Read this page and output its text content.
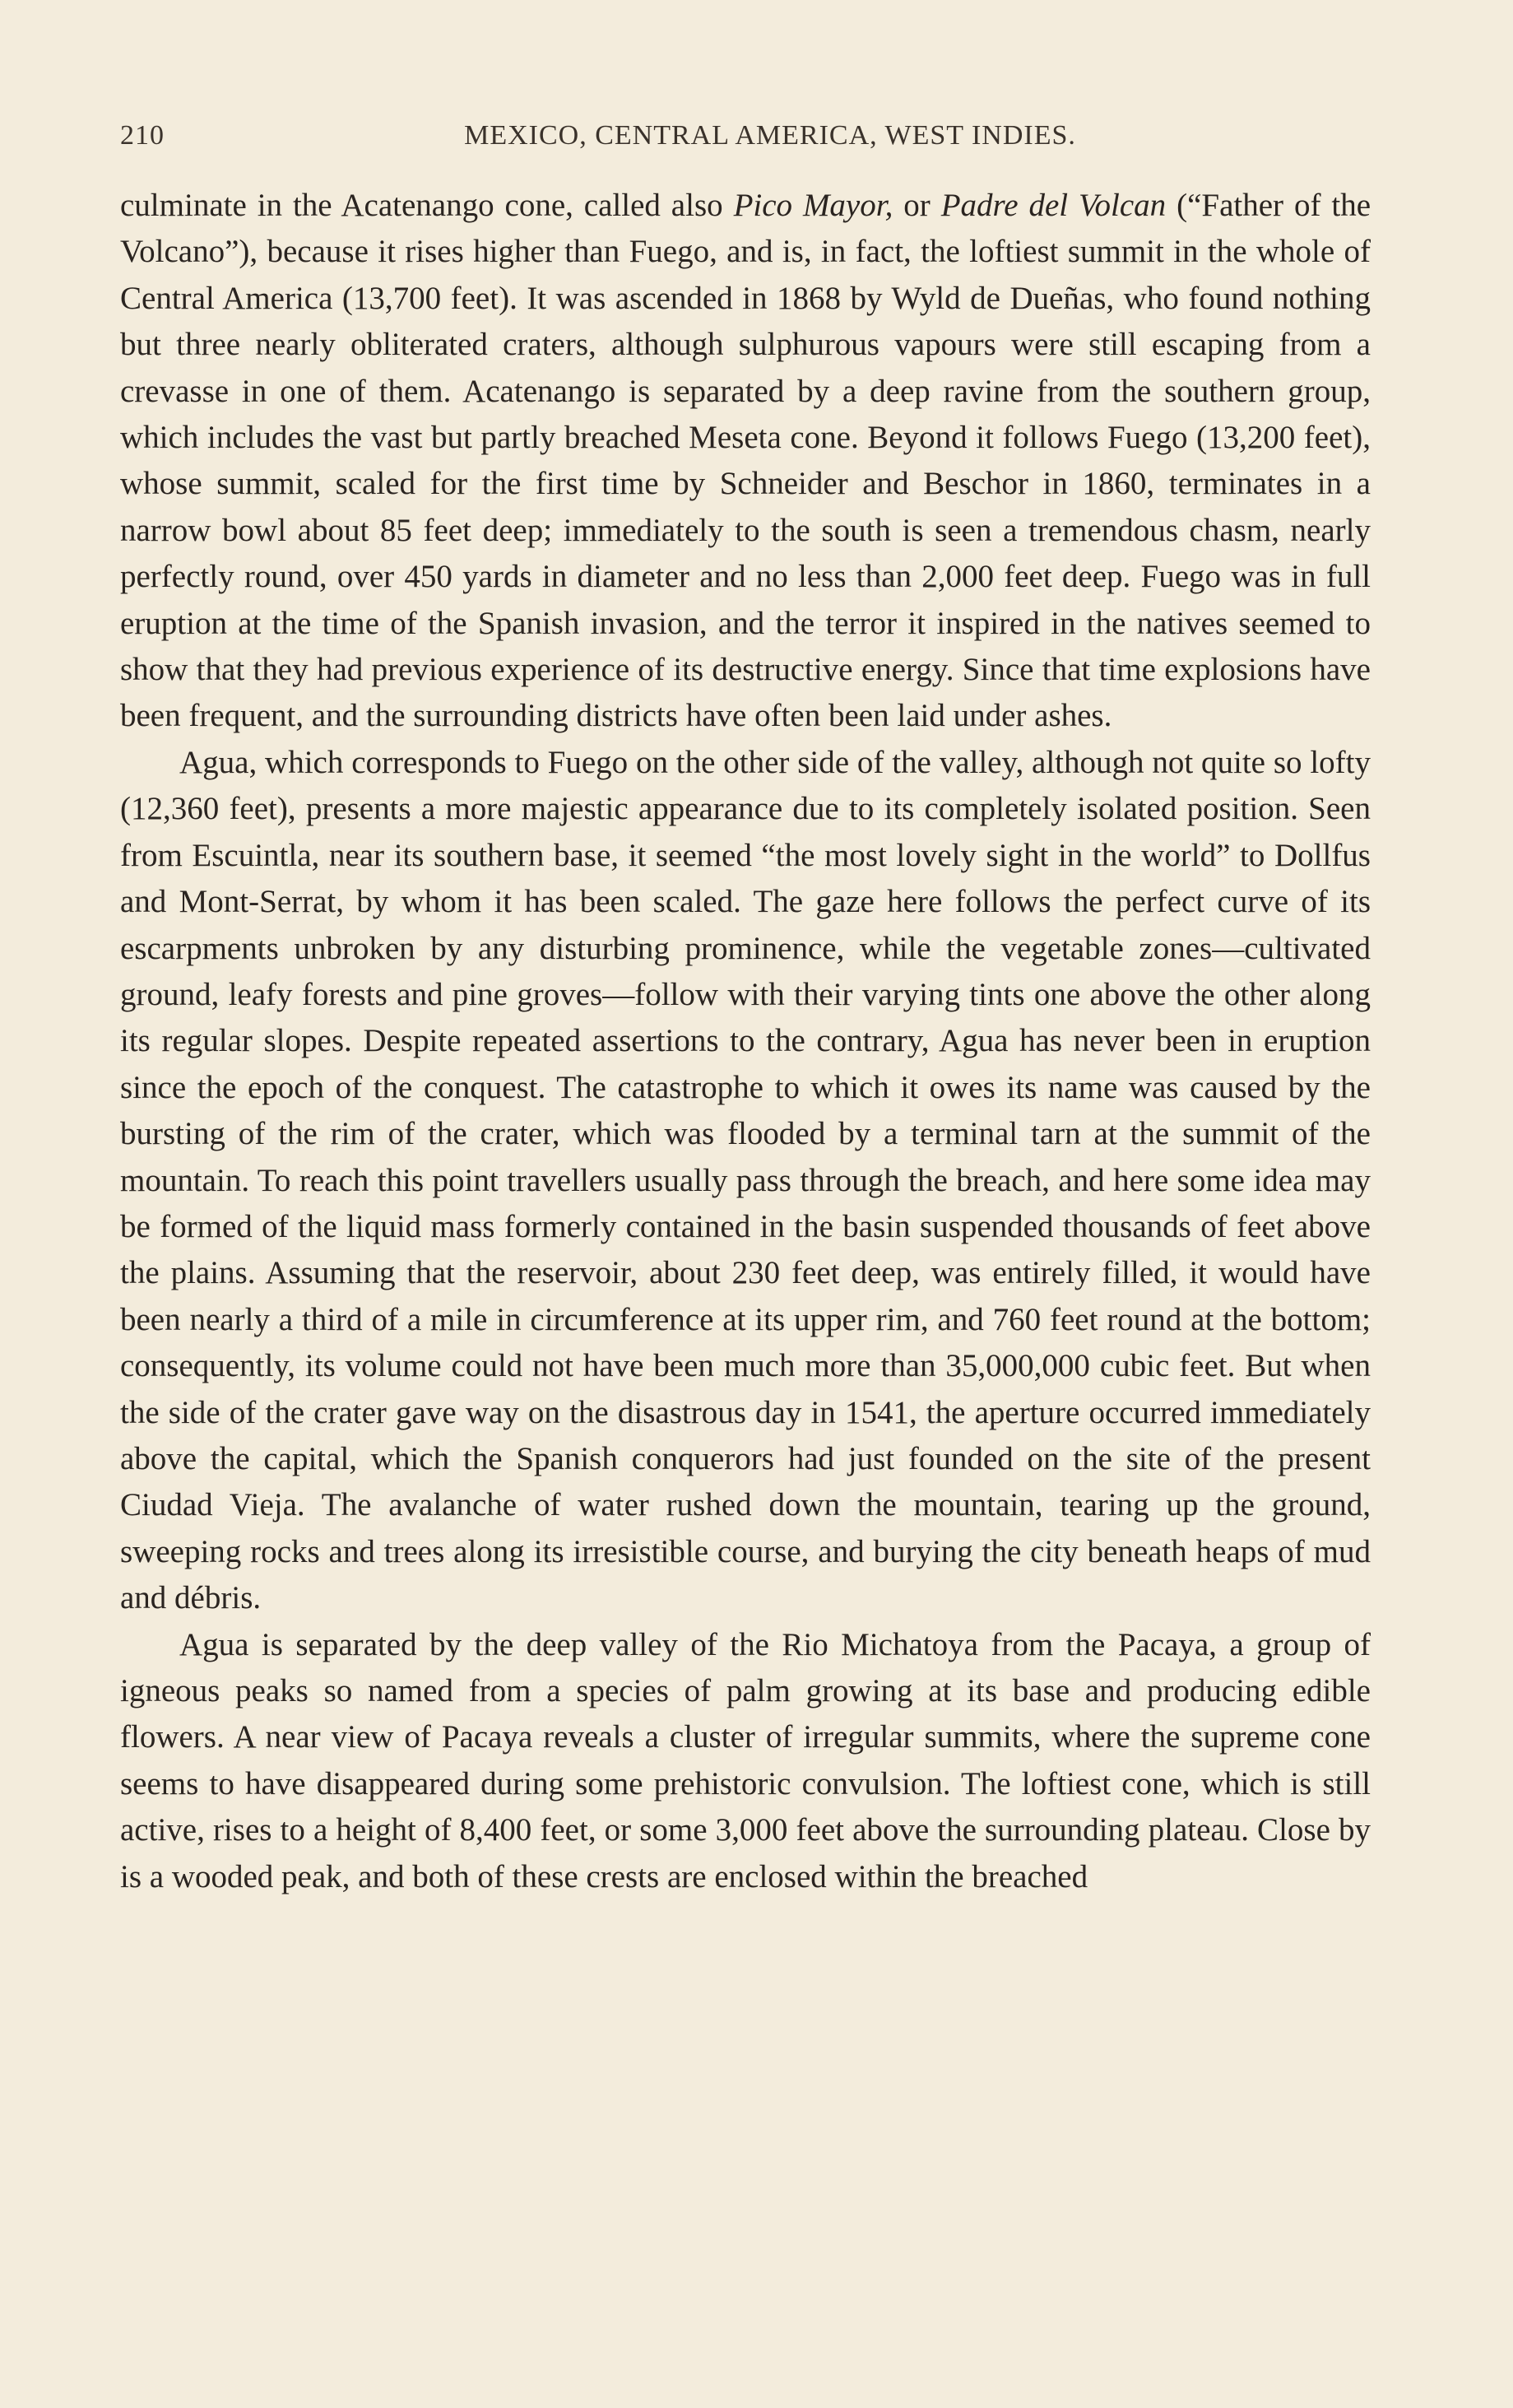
210	MEXICO, CENTRAL AMERICA, WEST INDIES.

culminate in the Acatenango cone, called also Pico Mayor, or Padre del Volcan (“Father of the Volcano”), because it rises higher than Fuego, and is, in fact, the loftiest summit in the whole of Central America (13,700 feet). It was ascended in 1868 by Wyld de Dueñas, who found nothing but three nearly obliterated craters, although sulphurous vapours were still escaping from a crevasse in one of them. Acatenango is separated by a deep ravine from the southern group, which includes the vast but partly breached Meseta cone. Beyond it follows Fuego (13,200 feet), whose summit, scaled for the first time by Schneider and Beschor in 1860, terminates in a narrow bowl about 85 feet deep; immediately to the south is seen a tremendous chasm, nearly perfectly round, over 450 yards in diameter and no less than 2,000 feet deep. Fuego was in full eruption at the time of the Spanish invasion, and the terror it inspired in the natives seemed to show that they had previous experience of its destructive energy. Since that time explosions have been frequent, and the surrounding districts have often been laid under ashes.

Agua, which corresponds to Fuego on the other side of the valley, although not quite so lofty (12,360 feet), presents a more majestic appearance due to its completely isolated position. Seen from Escuintla, near its southern base, it seemed “the most lovely sight in the world” to Dollfus and Mont-Serrat, by whom it has been scaled. The gaze here follows the perfect curve of its escarpments unbroken by any disturbing prominence, while the vegetable zones—cultivated ground, leafy forests and pine groves—follow with their varying tints one above the other along its regular slopes. Despite repeated assertions to the contrary, Agua has never been in eruption since the epoch of the conquest. The catastrophe to which it owes its name was caused by the bursting of the rim of the crater, which was flooded by a terminal tarn at the summit of the mountain. To reach this point travellers usually pass through the breach, and here some idea may be formed of the liquid mass formerly contained in the basin suspended thousands of feet above the plains. Assuming that the reservoir, about 230 feet deep, was entirely filled, it would have been nearly a third of a mile in circumference at its upper rim, and 760 feet round at the bottom; consequently, its volume could not have been much more than 35,000,000 cubic feet. But when the side of the crater gave way on the disastrous day in 1541, the aperture occurred immediately above the capital, which the Spanish conquerors had just founded on the site of the present Ciudad Vieja. The avalanche of water rushed down the mountain, tearing up the ground, sweeping rocks and trees along its irresistible course, and burying the city beneath heaps of mud and débris.

Agua is separated by the deep valley of the Rio Michatoya from the Pacaya, a group of igneous peaks so named from a species of palm growing at its base and producing edible flowers. A near view of Pacaya reveals a cluster of irregular summits, where the supreme cone seems to have disappeared during some prehistoric convulsion. The loftiest cone, which is still active, rises to a height of 8,400 feet, or some 3,000 feet above the surrounding plateau. Close by is a wooded peak, and both of these crests are enclosed within the breached
